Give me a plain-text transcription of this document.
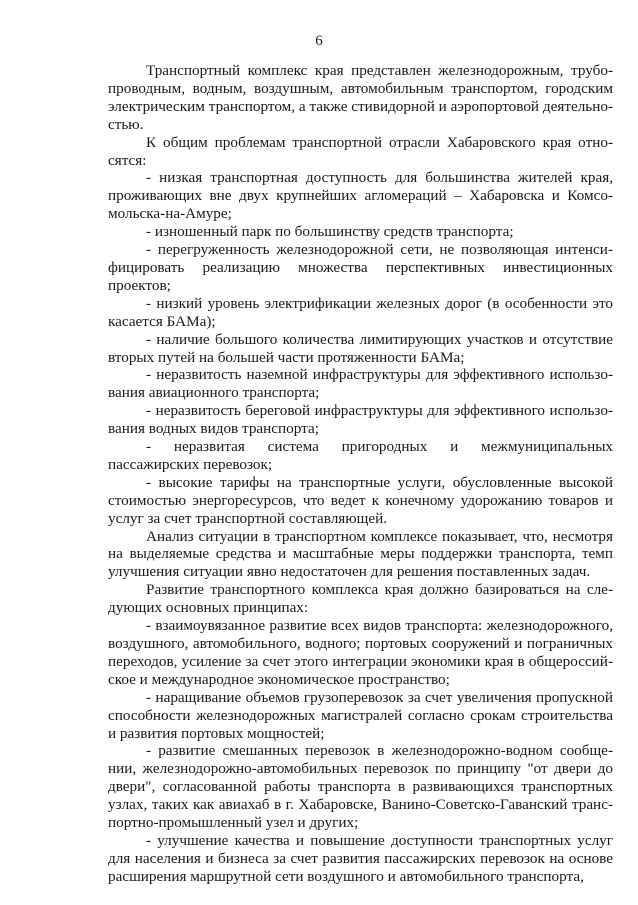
6

Транспортный комплекс края представлен железнодорожным, трубопроводным, водным, воздушным, автомобильным транспортом, городским электрическим транспортом, а также стивидорной и аэропортовой деятельностью.

К общим проблемам транспортной отрасли Хабаровского края относятся:

- низкая транспортная доступность для большинства жителей края, проживающих вне двух крупнейших агломераций – Хабаровска и Комсомольска-на-Амуре;

- изношенный парк по большинству средств транспорта;

- перегруженность железнодорожной сети, не позволяющая интенсифицировать реализацию множества перспективных инвестиционных проектов;

- низкий уровень электрификации железных дорог (в особенности это касается БАМа);

- наличие большого количества лимитирующих участков и отсутствие вторых путей на большей части протяженности БАМа;

- неразвитость наземной инфраструктуры для эффективного использования авиационного транспорта;

- неразвитость береговой инфраструктуры для эффективного использования водных видов транспорта;

- неразвитая система пригородных и межмуниципальных пассажирских перевозок;

- высокие тарифы на транспортные услуги, обусловленные высокой стоимостью энергоресурсов, что ведет к конечному удорожанию товаров и услуг за счет транспортной составляющей.

Анализ ситуации в транспортном комплексе показывает, что, несмотря на выделяемые средства и масштабные меры поддержки транспорта, темп улучшения ситуации явно недостаточен для решения поставленных задач.

Развитие транспортного комплекса края должно базироваться на следующих основных принципах:

- взаимоувязанное развитие всех видов транспорта: железнодорожного, воздушного, автомобильного, водного; портовых сооружений и пограничных переходов, усиление за счет этого интеграции экономики края в общероссийское и международное экономическое пространство;

- наращивание объемов грузоперевозок за счет увеличения пропускной способности железнодорожных магистралей согласно срокам строительства и развития портовых мощностей;

- развитие смешанных перевозок в железнодорожно-водном сообщении, железнодорожно-автомобильных перевозок по принципу "от двери до двери", согласованной работы транспорта в развивающихся транспортных узлах, таких как авиахаб в г. Хабаровске, Ванино-Советско-Гаванский транспортно-промышленный узел и других;

- улучшение качества и повышение доступности транспортных услуг для населения и бизнеса за счет развития пассажирских перевозок на основе расширения маршрутной сети воздушного и автомобильного транспорта,
